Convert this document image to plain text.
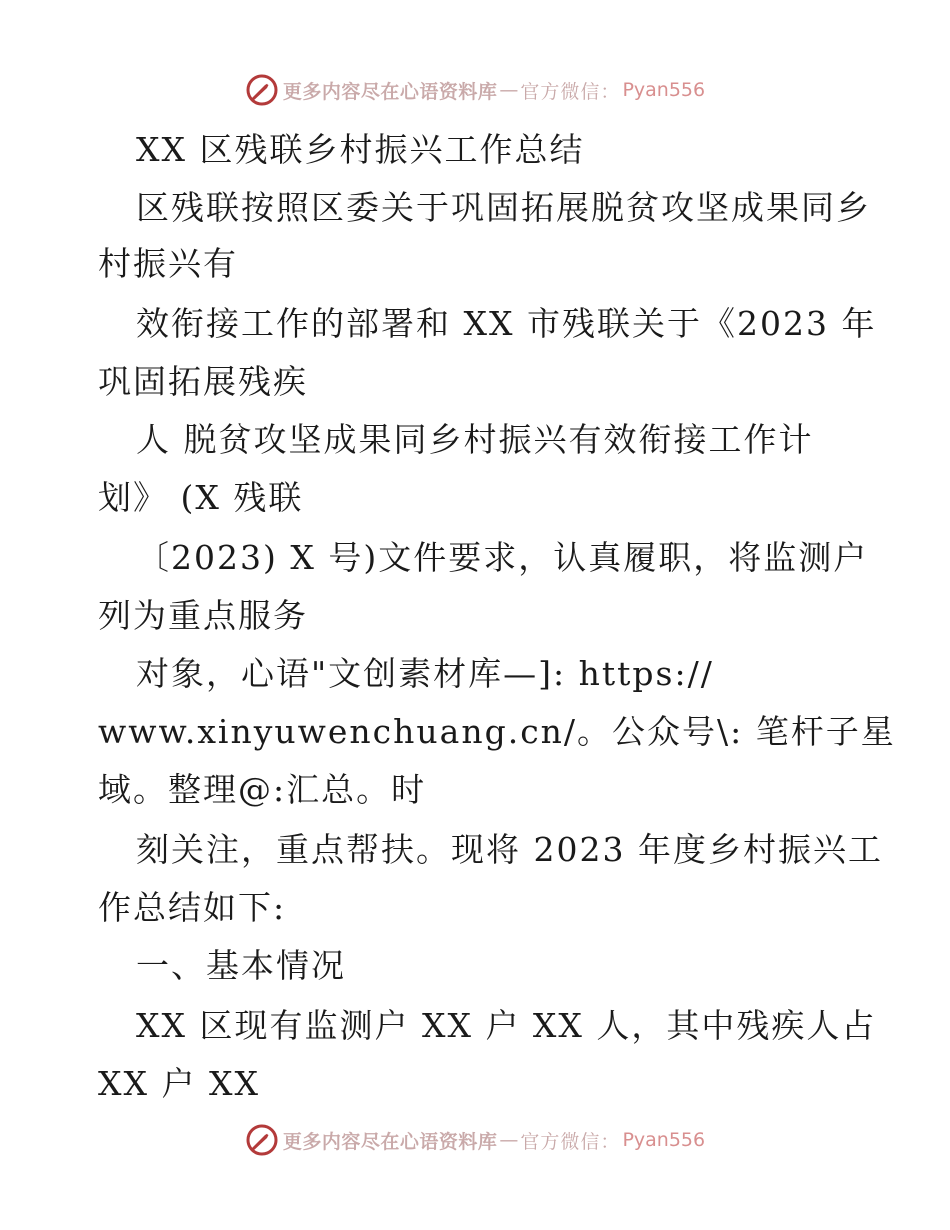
更多内容尽在心语资料库 — 官方微信： Pyan556
XX 区残联乡村振兴工作总结
区残联按照区委关于巩固拓展脱贫攻坚成果同乡
村振兴有
效衔接工作的部署和 XX 市残联关于《2023 年
巩固拓展残疾
人 脱贫攻坚成果同乡村振兴有效衔接工作计
划》 (X 残联
〔2023) X 号)文件要求，认真履职，将监测户
列为重点服务
对象，心语"文创素材库—]: https://
www.xinyuwenchuang.cn/。公众号\: 笔杆子星
域。整理@:汇总。时
刻关注，重点帮扶。现将 2023 年度乡村振兴工
作总结如下:
一、基本情况
XX 区现有监测户 XX 户 XX 人，其中残疾人占
XX 户 XX
更多内容尽在心语资料库 — 官方微信： Pyan556
